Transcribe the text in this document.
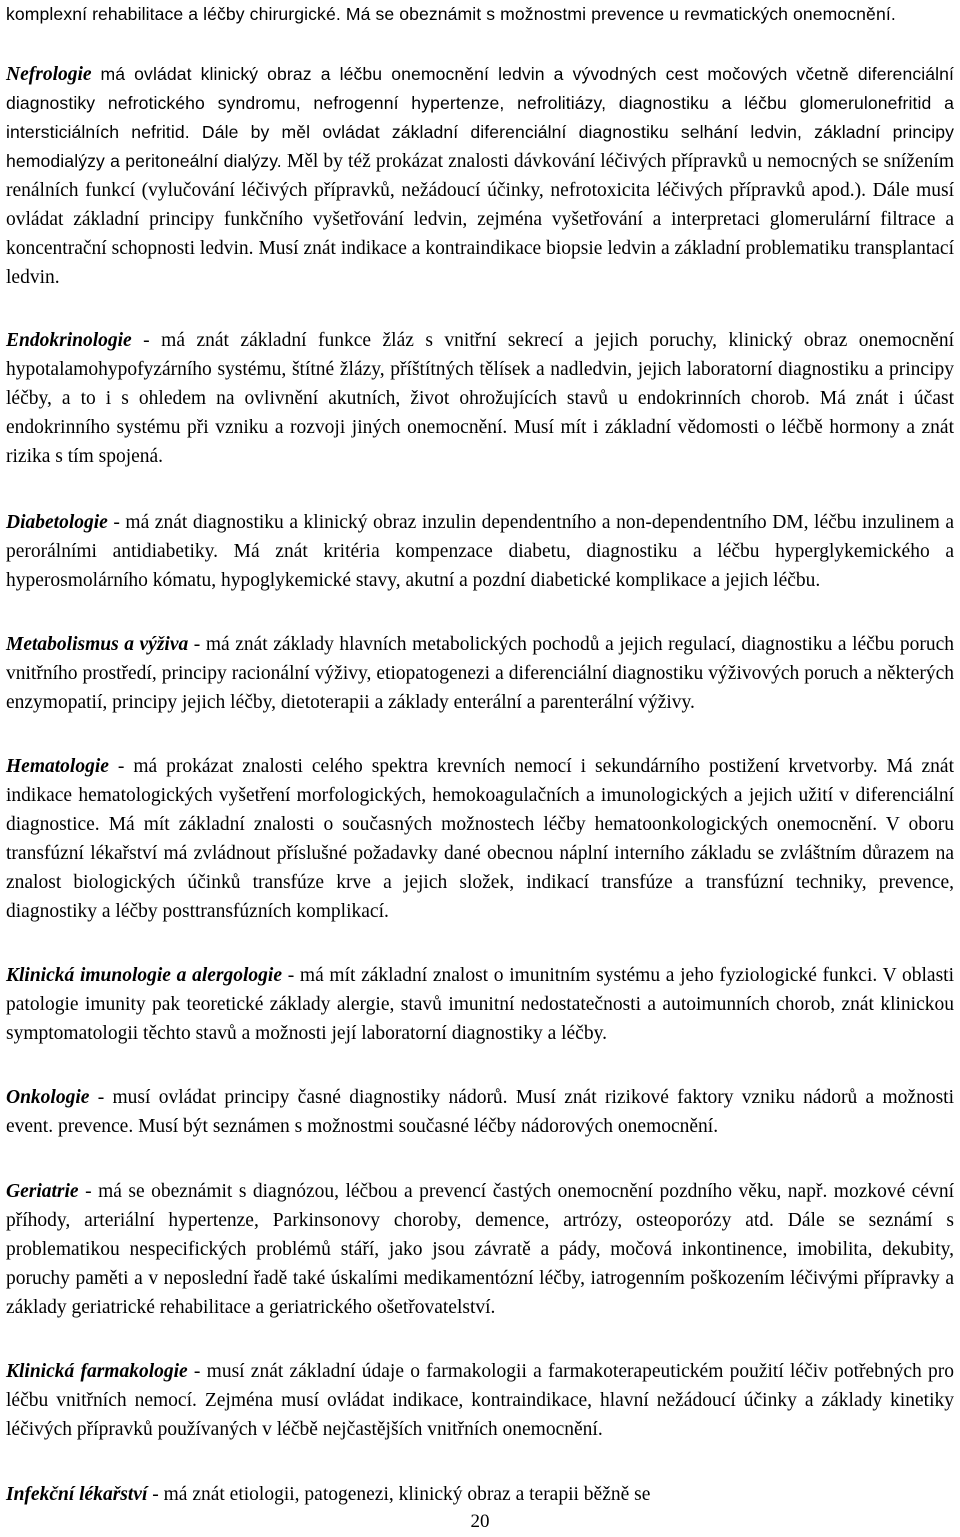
komplexní rehabilitace a léčby chirurgické. Má se obeznámit s možnostmi prevence u revmatických onemocnění.

Nefrologie má ovládat klinický obraz a léčbu onemocnění ledvin a vývodných cest močových včetně diferenciální diagnostiky nefrotického syndromu, nefrogenní hypertenze, nefrolitiázy, diagnostiku a léčbu glomerulonefritid a intersticiálních nefritid. Dále by měl ovládat základní diferenciální diagnostiku selhání ledvin, základní principy hemodialýzy a peritoneální dialýzy. Měl by též prokázat znalosti dávkování léčivých přípravků u nemocných se snížením renálních funkcí (vylučování léčivých přípravků, nežádoucí účinky, nefrotoxicita léčivých přípravků apod.). Dále musí ovládat základní principy funkčního vyšetřování ledvin, zejména vyšetřování a interpretaci glomerulární filtrace a koncentrační schopnosti ledvin. Musí znát indikace a kontraindikace biopsie ledvin a základní problematiku transplantací ledvin.

Endokrinologie - má znát základní funkce žláz s vnitřní sekrecí a jejich poruchy, klinický obraz onemocnění hypotalamohypofyzárního systému, štítné žlázy, příštítných tělísek a nadledvin, jejich laboratorní diagnostiku a principy léčby, a to i s ohledem na ovlivnění akutních, život ohrožujících stavů u endokrinních chorob. Má znát i účast endokrinního systému při vzniku a rozvoji jiných onemocnění. Musí mít i základní vědomosti o léčbě hormony a znát rizika s tím spojená.

Diabetologie - má znát diagnostiku a klinický obraz inzulin dependentního a non-dependentního DM, léčbu inzulinem a perorálními antidiabetiky. Má znát kritéria kompenzace diabetu, diagnostiku a léčbu hyperglykemického a hyperosmolárního kómatu, hypoglykemické stavy, akutní a pozdní diabetické komplikace a jejich léčbu.

Metabolismus a výživa - má znát základy hlavních metabolických pochodů a jejich regulací, diagnostiku a léčbu poruch vnitřního prostředí, principy racionální výživy, etiopatogenezi a diferenciální diagnostiku výživových poruch a některých enzymopatií, principy jejich léčby, dietoterapii a základy enterální a parenterální výživy.

Hematologie - má prokázat znalosti celého spektra krevních nemocí i sekundárního postižení krvetvorby. Má znát indikace hematologických vyšetření morfologických, hemokoagulačních a imunologických a jejich užití v diferenciální diagnostice. Má mít základní znalosti o současných možnostech léčby hematoonkologických onemocnění. V oboru transfúzní lékařství má zvládnout příslušné požadavky dané obecnou náplní interního základu se zvláštním důrazem na znalost biologických účinků transfúze krve a jejich složek, indikací transfúze a transfúzní techniky, prevence, diagnostiky a léčby posttransfúzních komplikací.

Klinická imunologie a alergologie - má mít základní znalost o imunitním systému a jeho fyziologické funkci. V oblasti patologie imunity pak teoretické základy alergie, stavů imunitní nedostatečnosti a autoimunních chorob, znát klinickou symptomatologii těchto stavů a možnosti její laboratorní diagnostiky a léčby.

Onkologie - musí ovládat principy časné diagnostiky nádorů. Musí znát rizikové faktory vzniku nádorů a možnosti event. prevence. Musí být seznámen s možnostmi současné léčby nádorových onemocnění.

Geriatrie - má se obeznámit s diagnózou, léčbou a prevencí častých onemocnění pozdního věku, např. mozkové cévní příhody, arteriální hypertenze, Parkinsonovy choroby, demence, artrózy, osteoporózy atd. Dále se seznámí s problematikou nespecifických problémů stáří, jako jsou závratě a pády, močová inkontinence, imobilita, dekubity, poruchy paměti a v neposlední řadě také úskalími medikamentózní léčby, iatrogenním poškozením léčivými přípravky a základy geriatrické rehabilitace a geriatrického ošetřovatelství.

Klinická farmakologie - musí znát základní údaje o farmakologii a farmakoterapeutickém použití léčiv potřebných pro léčbu vnitřních nemocí. Zejména musí ovládat indikace, kontraindikace, hlavní nežádoucí účinky a základy kinetiky léčivých přípravků používaných v léčbě nejčastějších vnitřních onemocnění.

Infekční lékařství - má znát etiologii, patogenezi, klinický obraz a terapii běžně se

20
